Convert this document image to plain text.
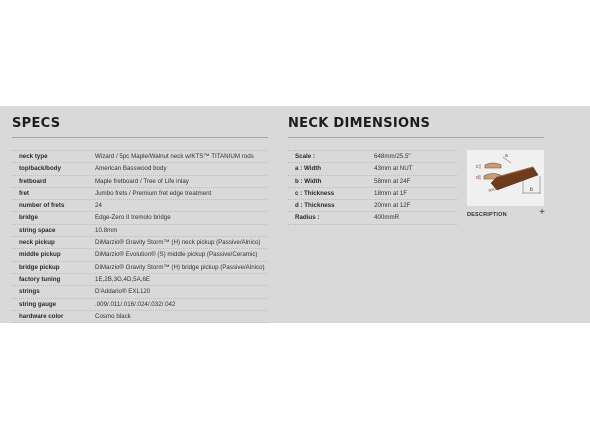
SPECS
neck type	Wizard / 5pc Maple/Walnut neck w/KTS™ TITANIUM rods
top/back/body	American Basswood body
fretboard	Maple fretboard / Tree of Life inlay
fret	Jumbo frets / Premium fret edge treatment
number of frets	24
bridge	Edge-Zero II tremolo bridge
string space	10.8mm
neck pickup	DiMarzio® Gravity Storm™ (H) neck pickup (Passive/Alnico)
middle pickup	DiMarzio® Evolution® (S) middle pickup (Passive/Ceramic)
bridge pickup	DiMarzio® Gravity Storm™ (H) bridge pickup (Passive/Alnico)
factory tuning	1E,2B,3G,4D,5A,6E
strings	D'Addario® EXL120
string gauge	.009/.011/.016/.024/.032/.042
hardware color	Cosmo black
NECK DIMENSIONS
Scale :	648mm/25.5"
a : Width	43mm at NUT
b : Width	58mm at 24F
c : Thickness	18mm at 1F
d : Thickness	20mm at 12F
Radius :	400mmR
a
b
c
d
RADIUS
DESCRIPTION	+
